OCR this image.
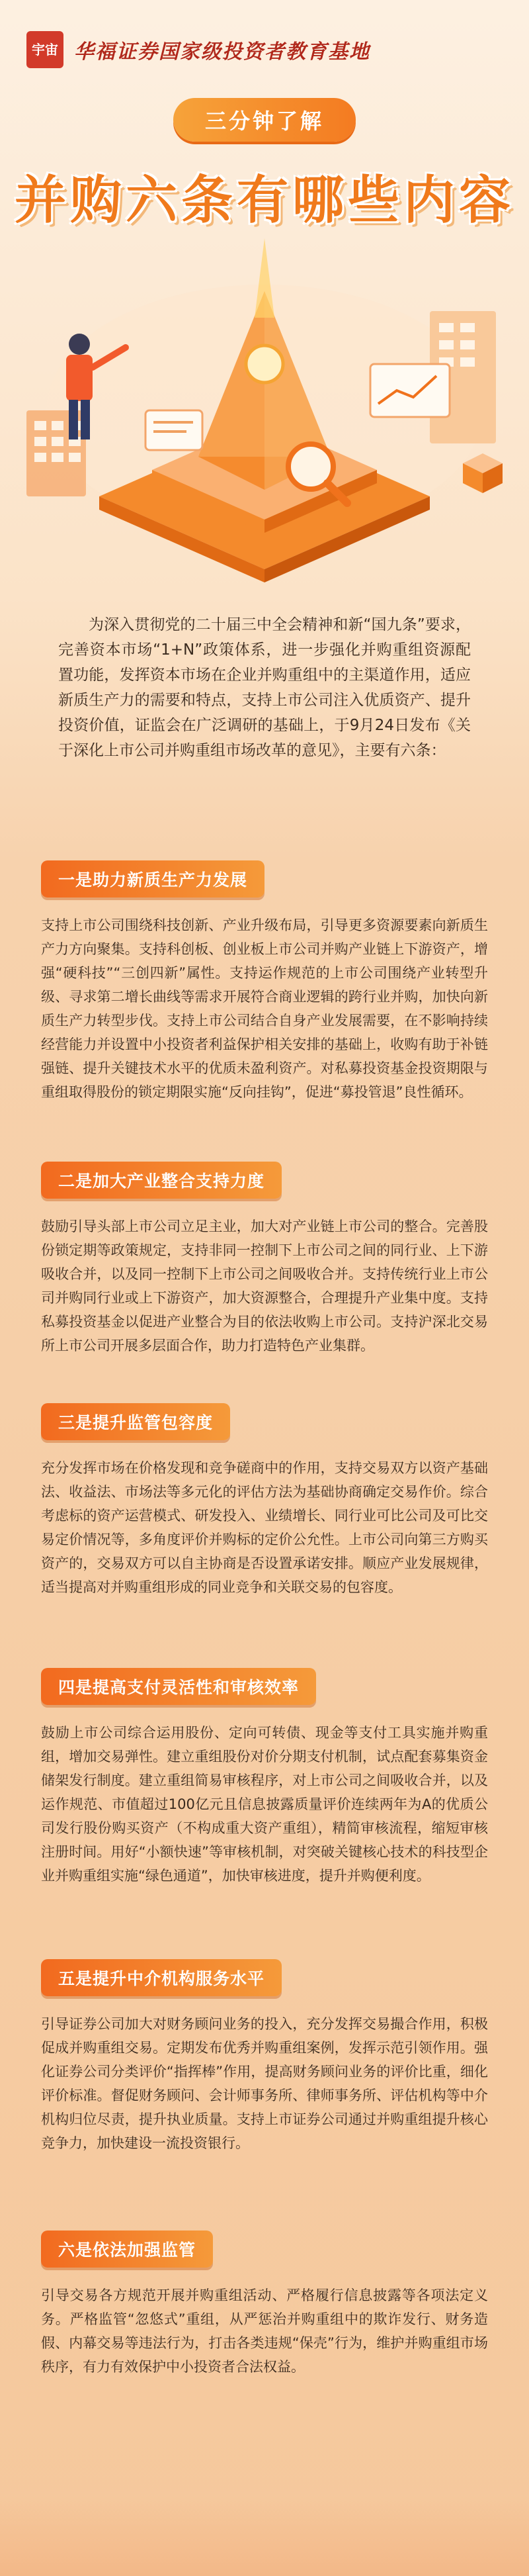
宇宙 华福证券国家级投资者教育基地
三分钟了解
并购六条有哪些内容
为深入贯彻党的二十届三中全会精神和新“国九条”要求，完善资本市场“1+N”政策体系，进一步强化并购重组资源配置功能，发挥资本市场在企业并购重组中的主渠道作用，适应新质生产力的需要和特点，支持上市公司注入优质资产、提升投资价值，证监会在广泛调研的基础上，于9月24日发布《关于深化上市公司并购重组市场改革的意见》，主要有六条：
一是助力新质生产力发展
支持上市公司围绕科技创新、产业升级布局，引导更多资源要素向新质生产力方向聚集。支持科创板、创业板上市公司并购产业链上下游资产，增强“硬科技”“三创四新”属性。支持运作规范的上市公司围绕产业转型升级、寻求第二增长曲线等需求开展符合商业逻辑的跨行业并购，加快向新质生产力转型步伐。支持上市公司结合自身产业发展需要，在不影响持续经营能力并设置中小投资者利益保护相关安排的基础上，收购有助于补链强链、提升关键技术水平的优质未盈利资产。对私募投资基金投资期限与重组取得股份的锁定期限实施“反向挂钩”，促进“募投管退”良性循环。
二是加大产业整合支持力度
鼓励引导头部上市公司立足主业，加大对产业链上市公司的整合。完善股份锁定期等政策规定，支持非同一控制下上市公司之间的同行业、上下游吸收合并，以及同一控制下上市公司之间吸收合并。支持传统行业上市公司并购同行业或上下游资产，加大资源整合，合理提升产业集中度。支持私募投资基金以促进产业整合为目的依法收购上市公司。支持沪深北交易所上市公司开展多层面合作，助力打造特色产业集群。
三是提升监管包容度
充分发挥市场在价格发现和竞争磋商中的作用，支持交易双方以资产基础法、收益法、市场法等多元化的评估方法为基础协商确定交易作价。综合考虑标的资产运营模式、研发投入、业绩增长、同行业可比公司及可比交易定价情况等，多角度评价并购标的定价公允性。上市公司向第三方购买资产的，交易双方可以自主协商是否设置承诺安排。顺应产业发展规律，适当提高对并购重组形成的同业竞争和关联交易的包容度。
四是提高支付灵活性和审核效率
鼓励上市公司综合运用股份、定向可转债、现金等支付工具实施并购重组，增加交易弹性。建立重组股份对价分期支付机制，试点配套募集资金储架发行制度。建立重组简易审核程序，对上市公司之间吸收合并，以及运作规范、市值超过100亿元且信息披露质量评价连续两年为A的优质公司发行股份购买资产（不构成重大资产重组），精简审核流程，缩短审核注册时间。用好“小额快速”等审核机制，对突破关键核心技术的科技型企业并购重组实施“绿色通道”，加快审核进度，提升并购便利度。
五是提升中介机构服务水平
引导证券公司加大对财务顾问业务的投入，充分发挥交易撮合作用，积极促成并购重组交易。定期发布优秀并购重组案例，发挥示范引领作用。强化证券公司分类评价“指挥棒”作用，提高财务顾问业务的评价比重，细化评价标准。督促财务顾问、会计师事务所、律师事务所、评估机构等中介机构归位尽责，提升执业质量。支持上市证券公司通过并购重组提升核心竞争力，加快建设一流投资银行。
六是依法加强监管
引导交易各方规范开展并购重组活动、严格履行信息披露等各项法定义务。严格监管“忽悠式”重组，从严惩治并购重组中的欺诈发行、财务造假、内幕交易等违法行为，打击各类违规“保壳”行为，维护并购重组市场秩序，有力有效保护中小投资者合法权益。
